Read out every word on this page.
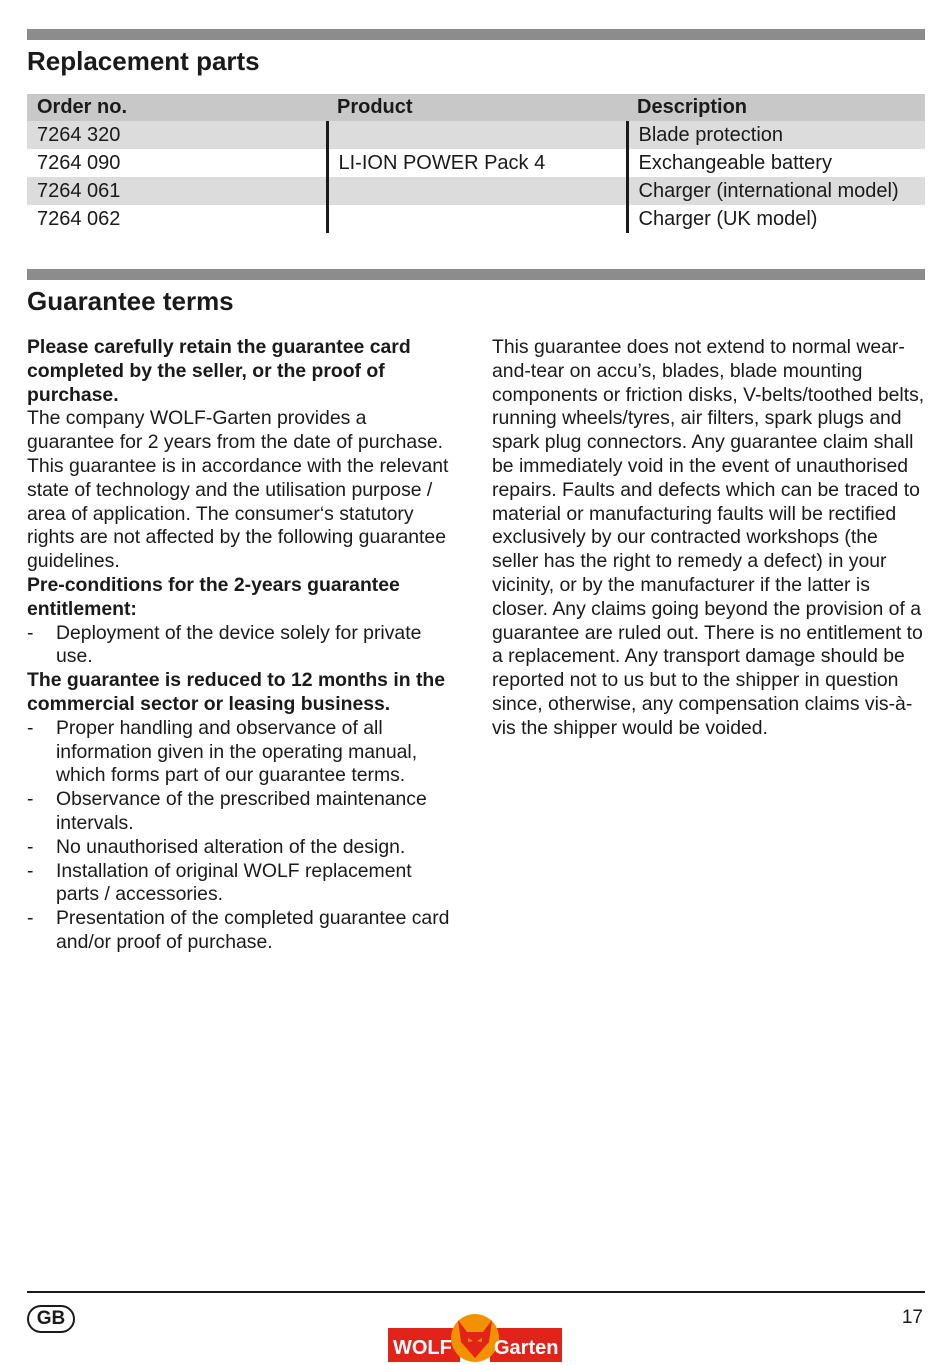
Replacement parts
Order no.	Product	Description
7264 320		Blade protection
7264 090	LI-ION POWER Pack 4	Exchangeable battery
7264 061		Charger (international model)
7264 062		Charger (UK model)
Guarantee terms

Please carefully retain the guarantee card completed by the seller, or the proof of purchase.

The company WOLF-Garten provides a guarantee for 2 years from the date of purchase. This guarantee is in accordance with the relevant state of technology and the utilisation purpose / area of application. The consumer‘s statutory rights are not affected by the following guarantee guidelines.

Pre-conditions for the 2-years guarantee entitlement:

- Deployment of the device solely for private use.

The guarantee is reduced to 12 months in the commercial sector or leasing business.

- Proper handling and observance of all information given in the operating manual, which forms part of our guarantee terms.
- Observance of the prescribed maintenance intervals.
- No unauthorised alteration of the design.
- Installation of original WOLF replacement parts / accessories.
- Presentation of the completed guarantee card and/or proof of purchase.

This guarantee does not extend to normal wear-and-tear on accu’s, blades, blade mounting components or friction disks, V-belts/toothed belts, running wheels/tyres, air filters, spark plugs and spark plug connectors. Any guarantee claim shall be immediately void in the event of unauthorised repairs. Faults and defects which can be traced to material or manufacturing faults will be rectified exclusively by our contracted workshops (the seller has the right to remedy a defect) in your vicinity, or by the manufacturer if the latter is closer. Any claims going beyond the provision of a guarantee are ruled out. There is no entitlement to a replacement. Any transport damage should be reported not to us but to the shipper in question since, otherwise, any compensation claims vis-à-vis the shipper would be voided.

GB	17
WOLF Garten
